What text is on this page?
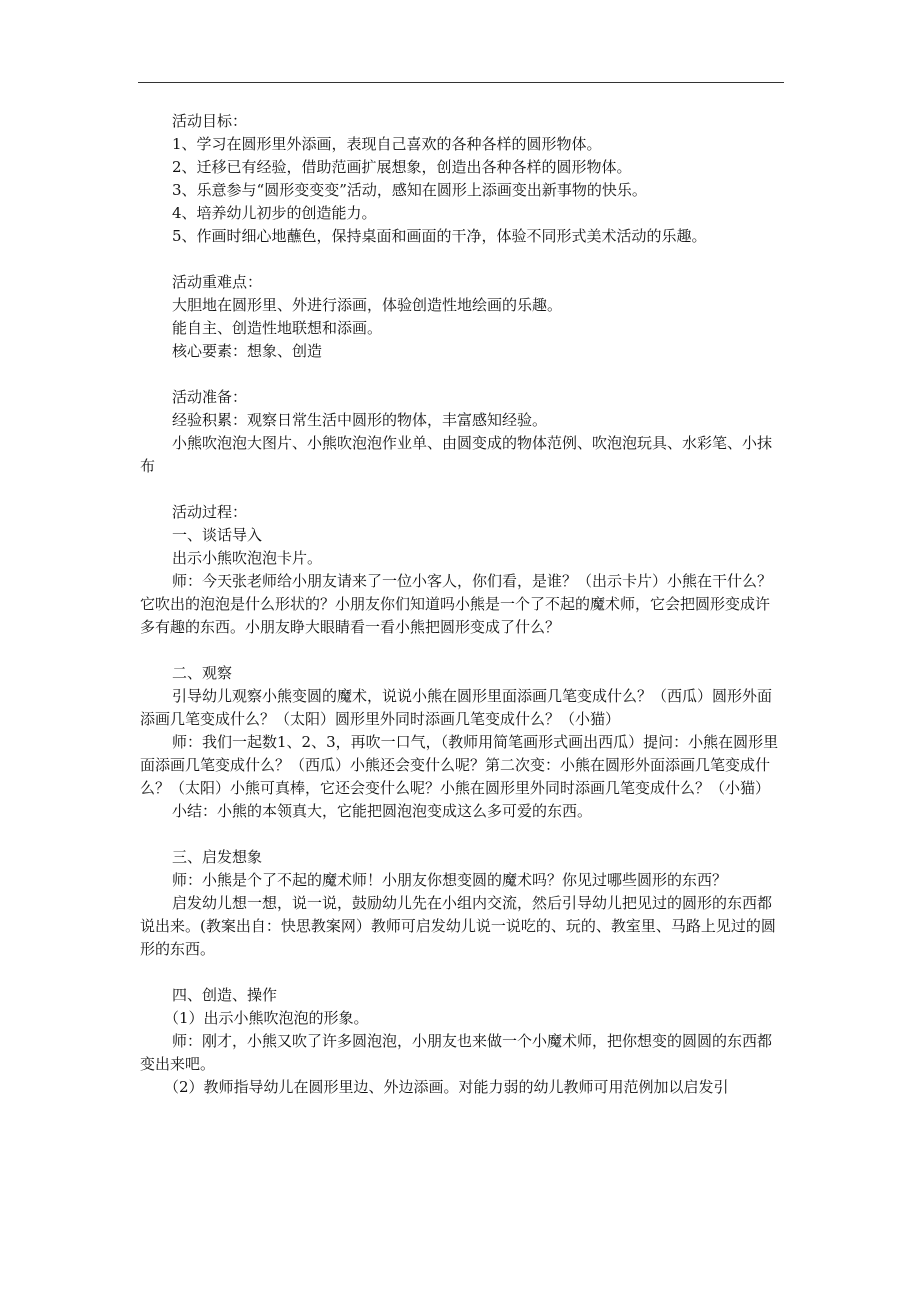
活动目标：

1、学习在圆形里外添画，表现自己喜欢的各种各样的圆形物体。

2、迁移已有经验，借助范画扩展想象，创造出各种各样的圆形物体。

3、乐意参与“圆形变变变”活动，感知在圆形上添画变出新事物的快乐。

4、培养幼儿初步的创造能力。

5、作画时细心地蘸色，保持桌面和画面的干净，体验不同形式美术活动的乐趣。

活动重难点：

大胆地在圆形里、外进行添画，体验创造性地绘画的乐趣。

能自主、创造性地联想和添画。

核心要素：想象、创造

活动准备：

经验积累：观察日常生活中圆形的物体，丰富感知经验。

小熊吹泡泡大图片、小熊吹泡泡作业单、由圆变成的物体范例、吹泡泡玩具、水彩笔、小抹布

活动过程：

一、谈话导入

出示小熊吹泡泡卡片。

师：今天张老师给小朋友请来了一位小客人，你们看，是谁？（出示卡片）小熊在干什么？它吹出的泡泡是什么形状的？小朋友你们知道吗小熊是一个了不起的魔术师，它会把圆形变成许多有趣的东西。小朋友睁大眼睛看一看小熊把圆形变成了什么？

二、观察

引导幼儿观察小熊变圆的魔术，说说小熊在圆形里面添画几笔变成什么？（西瓜）圆形外面添画几笔变成什么？（太阳）圆形里外同时添画几笔变成什么？（小猫）

师：我们一起数1、2、3，再吹一口气，（教师用简笔画形式画出西瓜）提问：小熊在圆形里面添画几笔变成什么？（西瓜）小熊还会变什么呢？第二次变：小熊在圆形外面添画几笔变成什么？（太阳）小熊可真棒，它还会变什么呢？小熊在圆形里外同时添画几笔变成什么？（小猫）

小结：小熊的本领真大，它能把圆泡泡变成这么多可爱的东西。

三、启发想象

师：小熊是个了不起的魔术师！小朋友你想变圆的魔术吗？你见过哪些圆形的东西？

启发幼儿想一想，说一说，鼓励幼儿先在小组内交流，然后引导幼儿把见过的圆形的东西都说出来。(教案出自：快思教案网）教师可启发幼儿说一说吃的、玩的、教室里、马路上见过的圆形的东西。

四、创造、操作

（1）出示小熊吹泡泡的形象。

师：刚才，小熊又吹了许多圆泡泡，小朋友也来做一个小魔术师，把你想变的圆圆的东西都变出来吧。

（2）教师指导幼儿在圆形里边、外边添画。对能力弱的幼儿教师可用范例加以启发引
